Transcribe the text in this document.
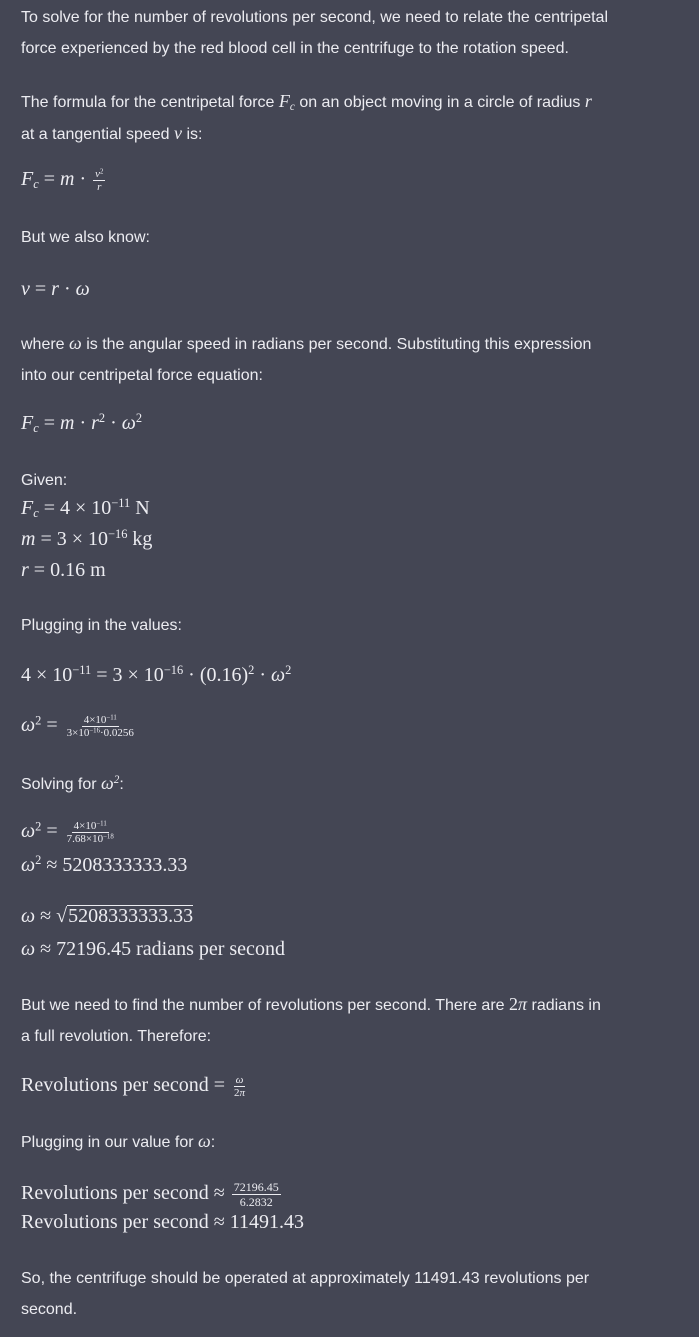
To solve for the number of revolutions per second, we need to relate the centripetal
force experienced by the red blood cell in the centrifuge to the rotation speed.

The formula for the centripetal force $F_c$ on an object moving in a circle of radius r
at a tangential speed v is:

$F_c = m \cdot \frac{v^2}{r}$

But we also know:

v = r · ω

where ω is the angular speed in radians per second. Substituting this expression
into our centripetal force equation:

$F_c = m \cdot r^2 \cdot \omega^2$

Given:

$F_c = 4 \times 10^{-11}$ N
$m = 3 \times 10^{-16}$ kg
r = 0.16 m

Plugging in the values:

$4 \times 10^{-11} = 3 \times 10^{-16} \cdot (0.16)^2 \cdot \omega^2$
$\omega^2 = \frac{4\times 10^{-11}}{3\times 10^{-16}\cdot 0.0256}$

Solving for $\omega^2$:

$\omega^2 = \frac{4\times 10^{-11}}{7.68\times 10^{-18}}$
$\omega^2 \approx 5208333333.33$
ω ≈ √5208333333.33
ω ≈ 72196.45 radians per second

But we need to find the number of revolutions per second. There are 2π radians in
a full revolution. Therefore:

Revolutions per second = $\frac{\omega}{2\pi}$

Plugging in our value for ω:

Revolutions per second ≈ $\frac{72196.45}{6.2832}$
Revolutions per second ≈ 11491.43

So, the centrifuge should be operated at approximately 11491.43 revolutions per
second.
